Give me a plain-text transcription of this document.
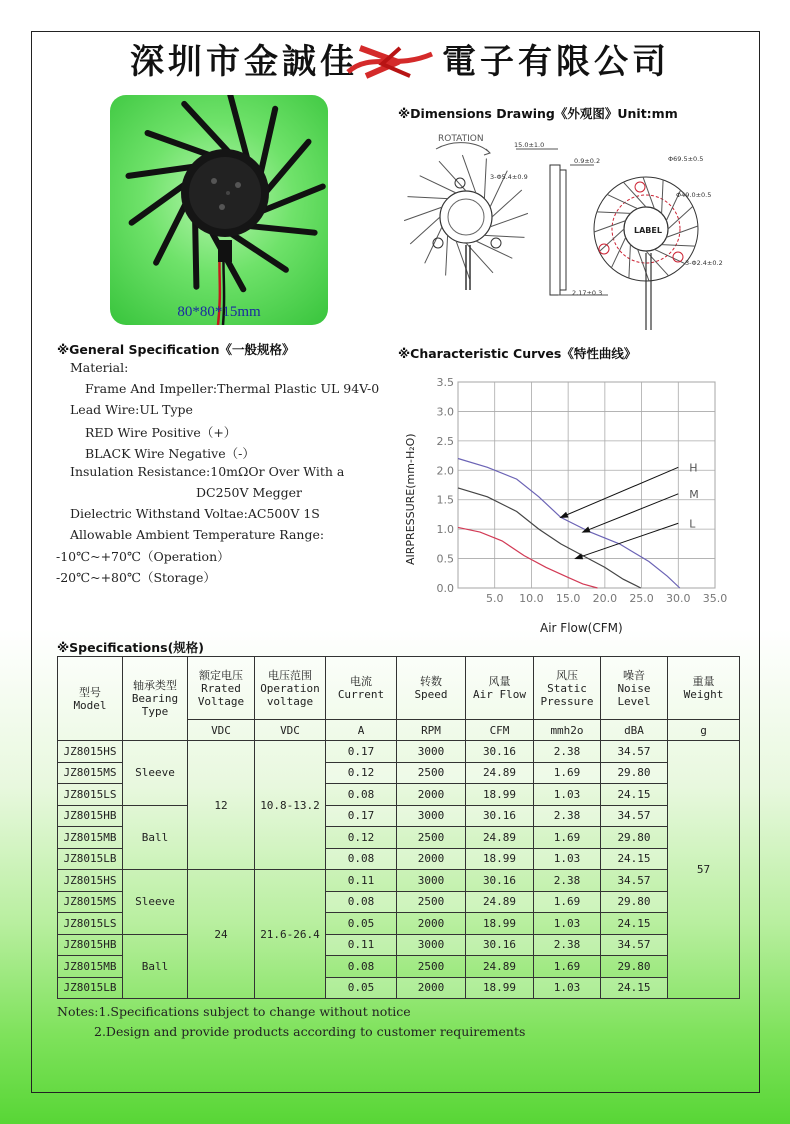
深圳市金誠佳 電子有限公司
80*80*15mm
※Dimensions Drawing《外观图》Unit:mm
ROTATION
15.0±1.0
0.9±0.2
3-Φ5.4±0.9
Φ69.5±0.5
Φ49.0±0.5
LABEL
3-Φ2.4±0.2
2.17±0.3
※General Specification《一般规格》
Material:
Frame And Impeller:Thermal Plastic UL 94V-0
Lead Wire:UL Type
RED Wire Positive（+）
BLACK Wire Negative（-）
Insulation Resistance:10mΩOr Over With a
DC250V Megger
Dielectric Withstand Voltae:AC500V 1S
Allowable Ambient Temperature Range:
-10℃~+70℃（Operation）
-20℃~+80℃（Storage）
※Characteristic Curves《特性曲线》
0.0
0.5
1.0
1.5
2.0
2.5
3.0
3.5
5.0 10.0 15.0 20.0 25.0 30.0 35.0
H
M
L
AIRPRESSURE(mm-H₂O)
Air Flow(CFM)
※Specifications(规格)
型号
Model	轴承类型
Bearing
Type	额定电压
Rrated
Voltage	电压范围
Operation
voltage	电流
Current	转数
Speed	风量
Air Flow	风压
Static
Pressure	噪音
Noise
Level	重量
Weight
		VDC	VDC	A	RPM	CFM	mmh2o	dBA	g
JZ8015HS	Sleeve	12	10.8-13.2	0.17	3000	30.16	2.38	34.57	57
JZ8015MS				0.12	2500	24.89	1.69	29.80	
JZ8015LS				0.08	2000	18.99	1.03	24.15	
JZ8015HB	Ball			0.17	3000	30.16	2.38	34.57	
JZ8015MB				0.12	2500	24.89	1.69	29.80	
JZ8015LB				0.08	2000	18.99	1.03	24.15	
JZ8015HS	Sleeve	24	21.6-26.4	0.11	3000	30.16	2.38	34.57	
JZ8015MS				0.08	2500	24.89	1.69	29.80	
JZ8015LS				0.05	2000	18.99	1.03	24.15	
JZ8015HB	Ball			0.11	3000	30.16	2.38	34.57	
JZ8015MB				0.08	2500	24.89	1.69	29.80	
JZ8015LB				0.05	2000	18.99	1.03	24.15	
Notes:1.Specifications subject to change without notice
2.Design and provide products according to customer requirements
